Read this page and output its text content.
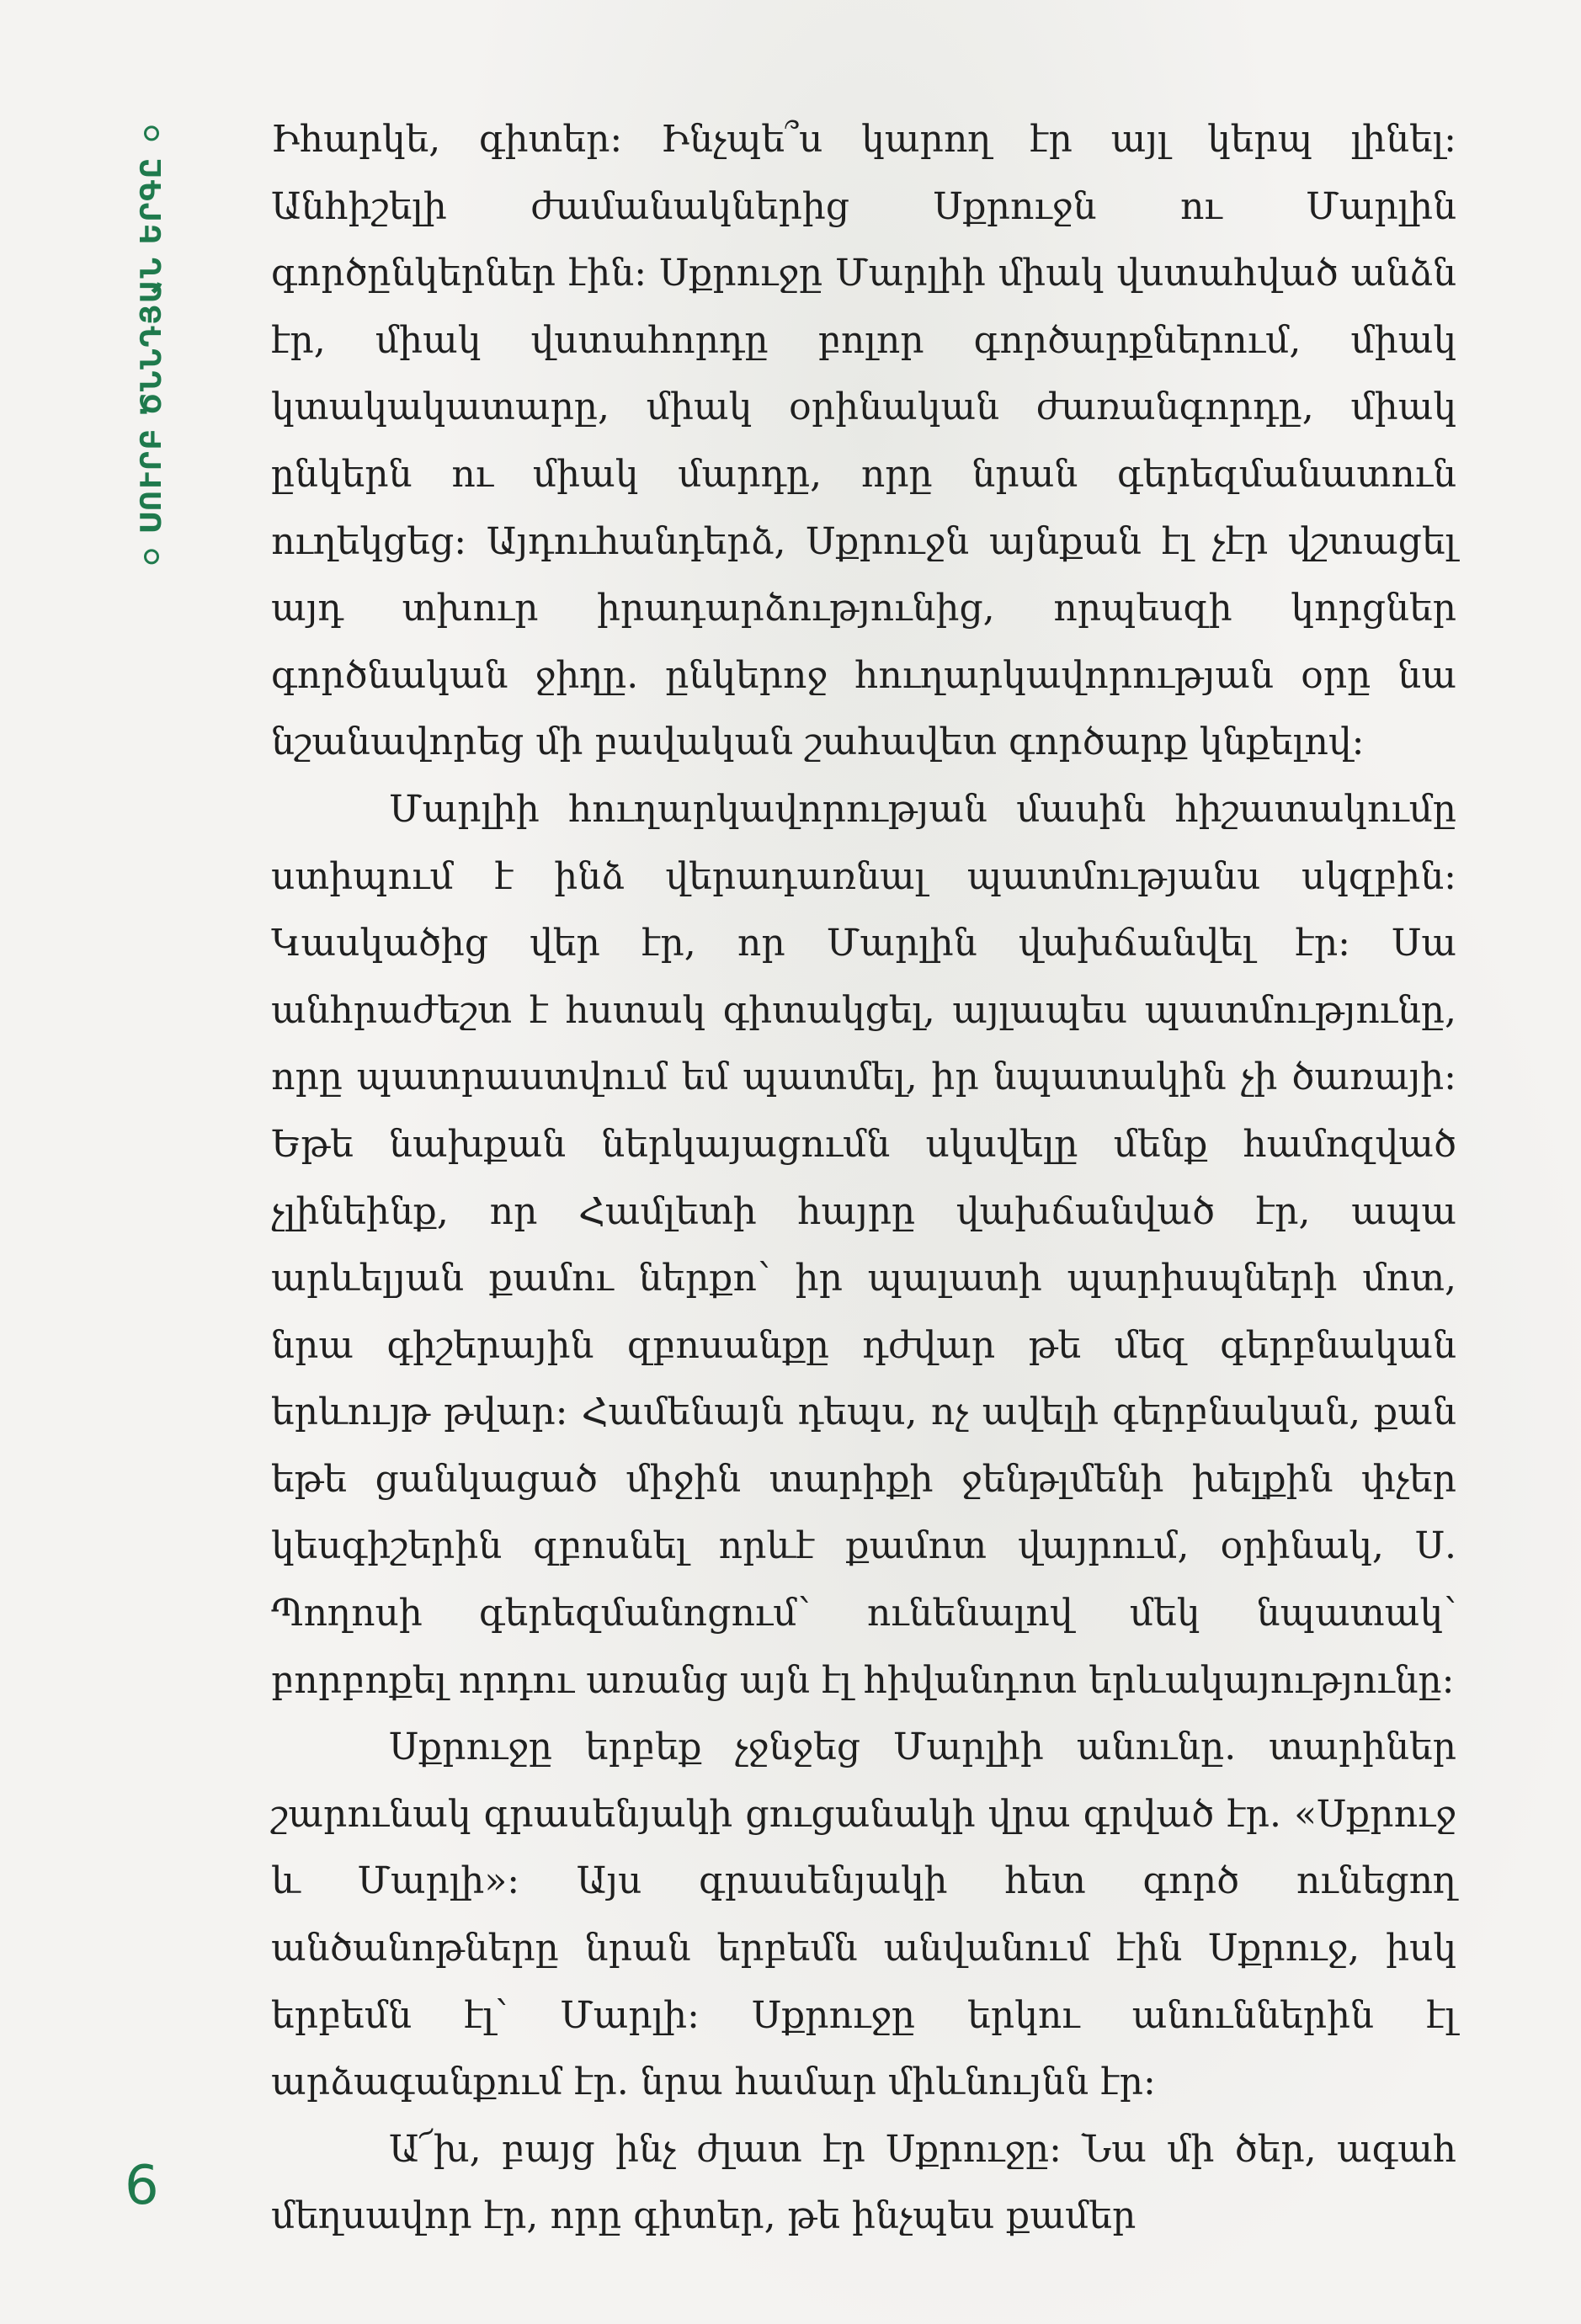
ՍՈՒՐԲ ԾՆՆԴՅԱՆ ԵՐԳԸ

Իհարկե, գիտեր: Ինչպե՞ս կարող էր այլ կերպ լինել: Անհիշելի ժամանակներից Սքրուջն ու Մարլին գործընկերներ էին: Սքրուջը Մարլիի միակ վստահված անձն էր, միակ վստահորդը բոլոր գործարքներում, միակ կտակակատարը, միակ օրինական ժառանգորդը, միակ ընկերն ու միակ մարդը, որը նրան գերեզմանատուն ուղեկցեց: Այդուհանդերձ, Սքրուջն այնքան էլ չէր վշտացել այդ տխուր իրադարձությունից, որպեսզի կորցներ գործնական ջիղը. ընկերոջ հուղարկավորության օրը նա նշանավորեց մի բավական շահավետ գործարք կնքելով:

Մարլիի հուղարկավորության մասին հիշատակումը ստիպում է ինձ վերադառնալ պատմությանս սկզբին: Կասկածից վեր էր, որ Մարլին վախճանվել էր: Սա անհրաժեշտ է հստակ գիտակցել, այլապես պատմությունը, որը պատրաստվում եմ պատմել, իր նպատակին չի ծառայի: Եթե նախքան ներկայացումն սկսվելը մենք համոզված չլինեինք, որ Համլետի հայրը վախճանված էր, ապա արևելյան քամու ներքո՝ իր պալատի պարիսպների մոտ, նրա գիշերային զբոսանքը դժվար թե մեզ գերբնական երևույթ թվար: Համենայն դեպս, ոչ ավելի գերբնական, քան եթե ցանկացած միջին տարիքի ջենթլմենի խելքին փչեր կեսգիշերին զբոսնել որևէ քամոտ վայրում, օրինակ, Ս. Պողոսի գերեզմանոցում՝ ունենալով մեկ նպատակ՝ բորբոքել որդու առանց այն էլ հիվանդոտ երևակայությունը:

Սքրուջը երբեք չջնջեց Մարլիի անունը. տարիներ շարունակ գրասենյակի ցուցանակի վրա գրված էր. «Սքրուջ և Մարլի»: Այս գրասենյակի հետ գործ ունեցող անծանոթները նրան երբեմն անվանում էին Սքրուջ, իսկ երբեմն էլ՝ Մարլի: Սքրուջը երկու անուններին էլ արձագանքում էր. նրա համար միևնույնն էր:

Ա՜խ, բայց ինչ ժլատ էր Սքրուջը: Նա մի ծեր, ագահ մեղսավոր էր, որը գիտեր, թե ինչպես քամեր

6
